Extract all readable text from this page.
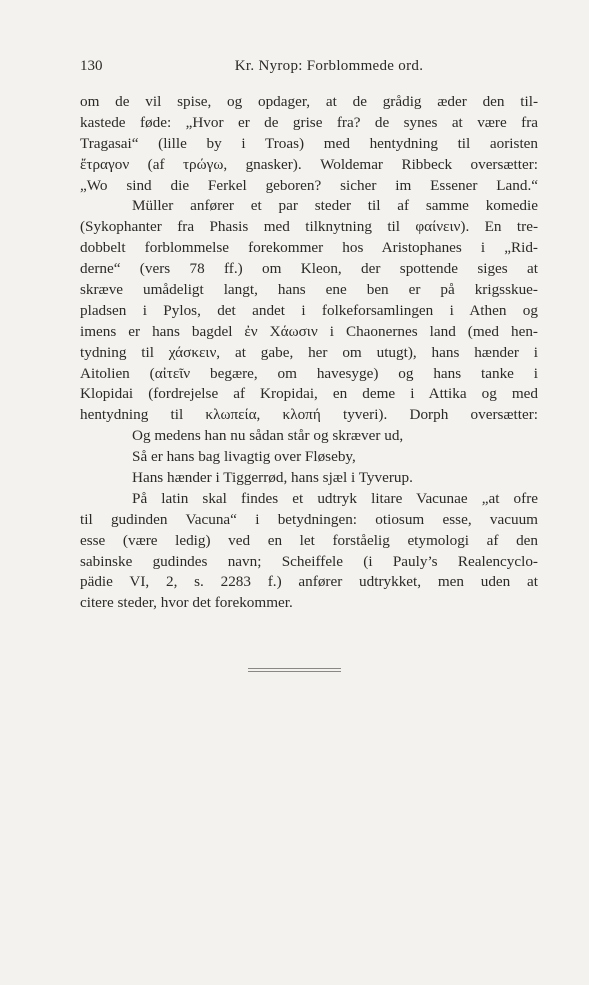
130	Kr. Nyrop: Forblommede ord.
om de vil spise, og opdager, at de grådig æder den til-
kastede føde: „Hvor er de grise fra? de synes at være fra
Tragasai“ (lille by i Troas) med hentydning til aoristen
ἔτραγον (af τρώγω, gnasker). Woldemar Ribbeck oversætter:
„Wo sind die Ferkel geboren? sicher im Essener Land.“
Müller anfører et par steder til af samme komedie
(Sykophanter fra Phasis med tilknytning til φαίνειν). En tre-
dobbelt forblommelse forekommer hos Aristophanes i „Rid-
derne“ (vers 78 ff.) om Kleon, der spottende siges at
skræve umådeligt langt, hans ene ben er på krigsskue-
pladsen i Pylos, det andet i folkeforsamlingen i Athen og
imens er hans bagdel ἐν Χάωσιν i Chaonernes land (med hen-
tydning til χάσκειν, at gabe, her om utugt), hans hænder i
Aitolien (αἰτεῖν begære, om havesyge) og hans tanke i
Klopidai (fordrejelse af Kropidai, en deme i Attika og med
hentydning til κλωπεία, κλοπή tyveri). Dorph oversætter:
Og medens han nu sådan står og skræver ud,
Så er hans bag livagtig over Fløseby,
Hans hænder i Tiggerrød, hans sjæl i Tyverup.
På latin skal findes et udtryk litare Vacunae „at ofre
til gudinden Vacuna“ i betydningen: otiosum esse, vacuum
esse (være ledig) ved en let forståelig etymologi af den
sabinske gudindes navn; Scheiffele (i Pauly’s Realencyclo-
pädie VI, 2, s. 2283 f.) anfører udtrykket, men uden at
citere steder, hvor det forekommer.
